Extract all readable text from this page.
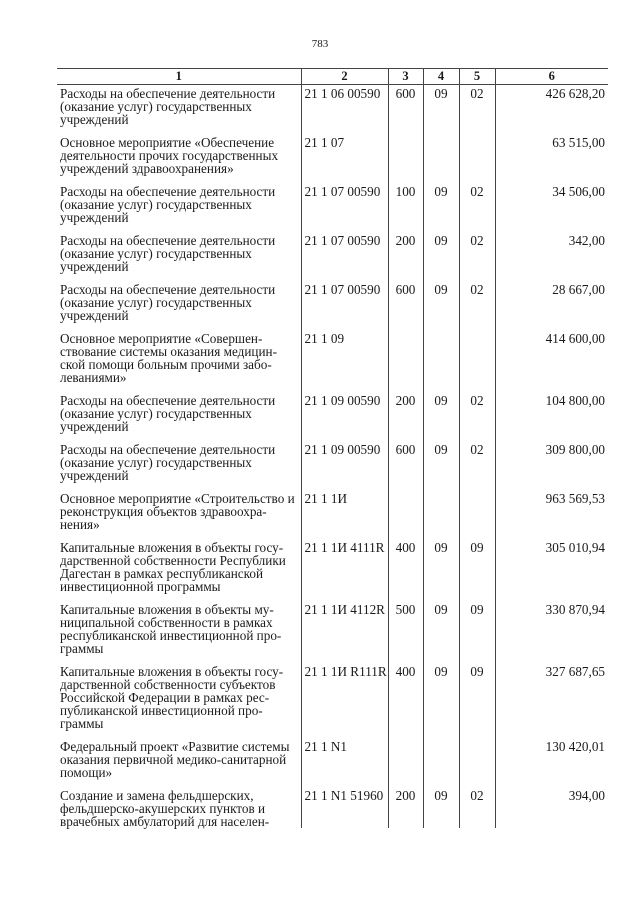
783
1	2	3	4	5	6
Расходы на обеспечение деятельности (оказание услуг) государственных учреждений	21 1 06 00590	600	09	02	426 628,20
Основное мероприятие «Обеспечение деятельности прочих государственных учреждений здравоохранения»	21 1 07				63 515,00
Расходы на обеспечение деятельности (оказание услуг) государственных учреждений	21 1 07 00590	100	09	02	34 506,00
Расходы на обеспечение деятельности (оказание услуг) государственных учреждений	21 1 07 00590	200	09	02	342,00
Расходы на обеспечение деятельности (оказание услуг) государственных учреждений	21 1 07 00590	600	09	02	28 667,00
Основное мероприятие «Совершенствование системы оказания медицинской помощи больным прочими заболеваниями»	21 1 09				414 600,00
Расходы на обеспечение деятельности (оказание услуг) государственных учреждений	21 1 09 00590	200	09	02	104 800,00
Расходы на обеспечение деятельности (оказание услуг) государственных учреждений	21 1 09 00590	600	09	02	309 800,00
Основное мероприятие «Строительство и реконструкция объектов здравоохранения»	21 1 1И				963 569,53
Капитальные вложения в объекты государственной собственности Республики Дагестан в рамках республиканской инвестиционной программы	21 1 1И 4111R	400	09	09	305 010,94
Капитальные вложения в объекты муниципальной собственности в рамках республиканской инвестиционной программы	21 1 1И 4112R	500	09	09	330 870,94
Капитальные вложения в объекты государственной собственности субъектов Российской Федерации в рамках республиканской инвестиционной программы	21 1 1И R111R	400	09	09	327 687,65
Федеральный проект «Развитие системы оказания первичной медико-санитарной помощи»	21 1 N1				130 420,01
Создание и замена фельдшерских, фельдшерско-акушерских пунктов и врачебных амбулаторий для населен-	21 1 N1 51960	200	09	02	394,00
